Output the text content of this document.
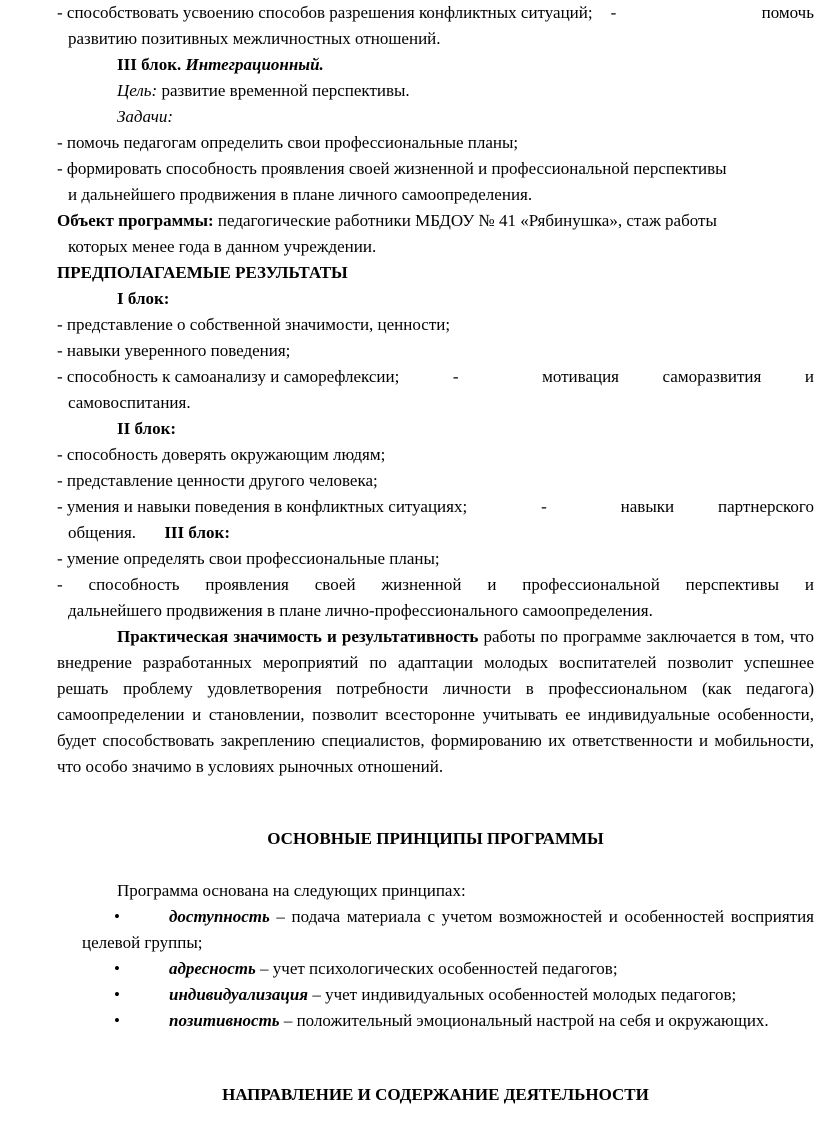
- способствовать усвоению способов разрешения конфликтных ситуаций; -	помочь

развитию позитивных межличностных отношений.

III блок. Интеграционный.

Цель: развитие временной перспективы.

Задачи:

- помочь педагогам определить свои профессиональные планы;

- формировать способность проявления своей жизненной и профессиональной перспективы

и дальнейшего продвижения в плане личного самоопределения.

Объект программы: педагогические работники МБДОУ № 41 «Рябинушка», стаж работы

которых менее года в данном учреждении.

ПРЕДПОЛАГАЕМЫЕ РЕЗУЛЬТАТЫ

I блок:

- представление о собственной значимости, ценности;

- навыки уверенного поведения;

- способность к самоанализу и саморефлексии;	-	мотивация	саморазвития	и

самовоспитания.

II блок:

- способность доверять окружающим людям;

- представление ценности другого человека;

- умения и навыки поведения в конфликтных ситуациях;	-	навыки	партнерского

общения. III блок:

- умение определять свои профессиональные планы;

- способность проявления своей жизненной и профессиональной перспективы и

дальнейшего продвижения в плане лично-профессионального самоопределения.

Практическая значимость и результативность работы по программе заключается в том, что внедрение разработанных мероприятий по адаптации молодых воспитателей позволит успешнее решать проблему удовлетворения потребности личности в профессиональном (как педагога) самоопределении и становлении, позволит всесторонне учитывать ее индивидуальные особенности, будет способствовать закреплению специалистов, формированию их ответственности и мобильности, что особо значимо в условиях рыночных отношений.

ОСНОВНЫЕ ПРИНЦИПЫ ПРОГРАММЫ

Программа основана на следующих принципах:

•	доступность – подача материала с учетом возможностей и особенностей восприятия целевой группы;
•	адресность – учет психологических особенностей педагогов;
•	индивидуализация – учет индивидуальных особенностей молодых педагогов;
•	позитивность – положительный эмоциональный настрой на себя и окружающих.

НАПРАВЛЕНИЕ И СОДЕРЖАНИЕ ДЕЯТЕЛЬНОСТИ
